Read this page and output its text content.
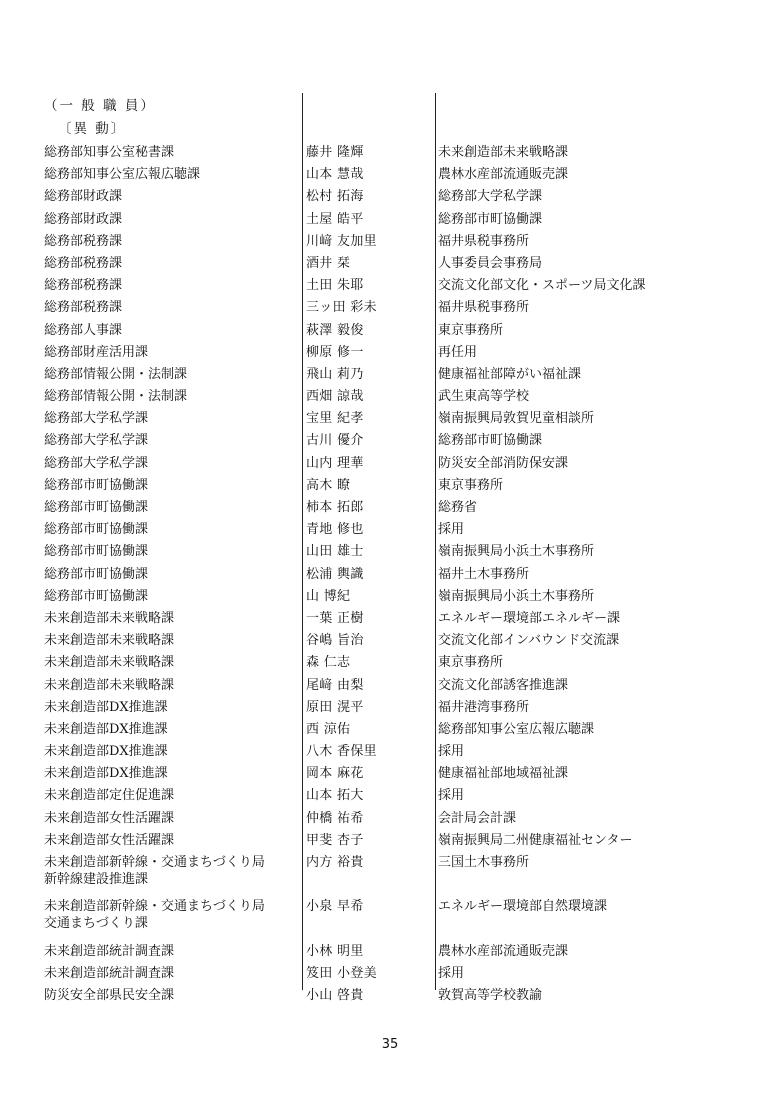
（一 般 職 員）
〔異 動〕
総務部知事公室秘書課	藤井 隆輝	未来創造部未来戦略課
総務部知事公室広報広聴課	山本 慧哉	農林水産部流通販売課
総務部財政課	松村 拓海	総務部大学私学課
総務部財政課	土屋 皓平	総務部市町協働課
総務部税務課	川﨑 友加里	福井県税事務所
総務部税務課	酒井 栞	人事委員会事務局
総務部税務課	土田 朱耶	交流文化部文化・スポーツ局文化課
総務部税務課	三ッ田 彩未	福井県税事務所
総務部人事課	萩澤 毅俊	東京事務所
総務部財産活用課	柳原 修一	再任用
総務部情報公開・法制課	飛山 莉乃	健康福祉部障がい福祉課
総務部情報公開・法制課	西畑 諒哉	武生東高等学校
総務部大学私学課	宝里 紀孝	嶺南振興局敦賀児童相談所
総務部大学私学課	古川 優介	総務部市町協働課
総務部大学私学課	山内 理華	防災安全部消防保安課
総務部市町協働課	高木 瞭	東京事務所
総務部市町協働課	柿本 拓郎	総務省
総務部市町協働課	青地 修也	採用
総務部市町協働課	山田 雄士	嶺南振興局小浜土木事務所
総務部市町協働課	松浦 輿識	福井土木事務所
総務部市町協働課	山 博紀	嶺南振興局小浜土木事務所
未来創造部未来戦略課	一葉 正樹	エネルギー環境部エネルギー課
未来創造部未来戦略課	谷嶋 旨治	交流文化部インバウンド交流課
未来創造部未来戦略課	森 仁志	東京事務所
未来創造部未来戦略課	尾﨑 由梨	交流文化部誘客推進課
未来創造部DX推進課	原田 滉平	福井港湾事務所
未来創造部DX推進課	西 涼佑	総務部知事公室広報広聴課
未来創造部DX推進課	八木 香保里	採用
未来創造部DX推進課	岡本 麻花	健康福祉部地域福祉課
未来創造部定住促進課	山本 拓大	採用
未来創造部女性活躍課	仲橋 祐希	会計局会計課
未来創造部女性活躍課	甲斐 杏子	嶺南振興局二州健康福祉センター
未来創造部新幹線・交通まちづくり局
新幹線建設推進課
内方 裕貴	三国土木事務所
未来創造部新幹線・交通まちづくり局
交通まちづくり課
小泉 早希	エネルギー環境部自然環境課
未来創造部統計調査課	小林 明里	農林水産部流通販売課
未来創造部統計調査課	笈田 小登美	採用
防災安全部県民安全課	小山 啓貴	敦賀高等学校教諭
35
